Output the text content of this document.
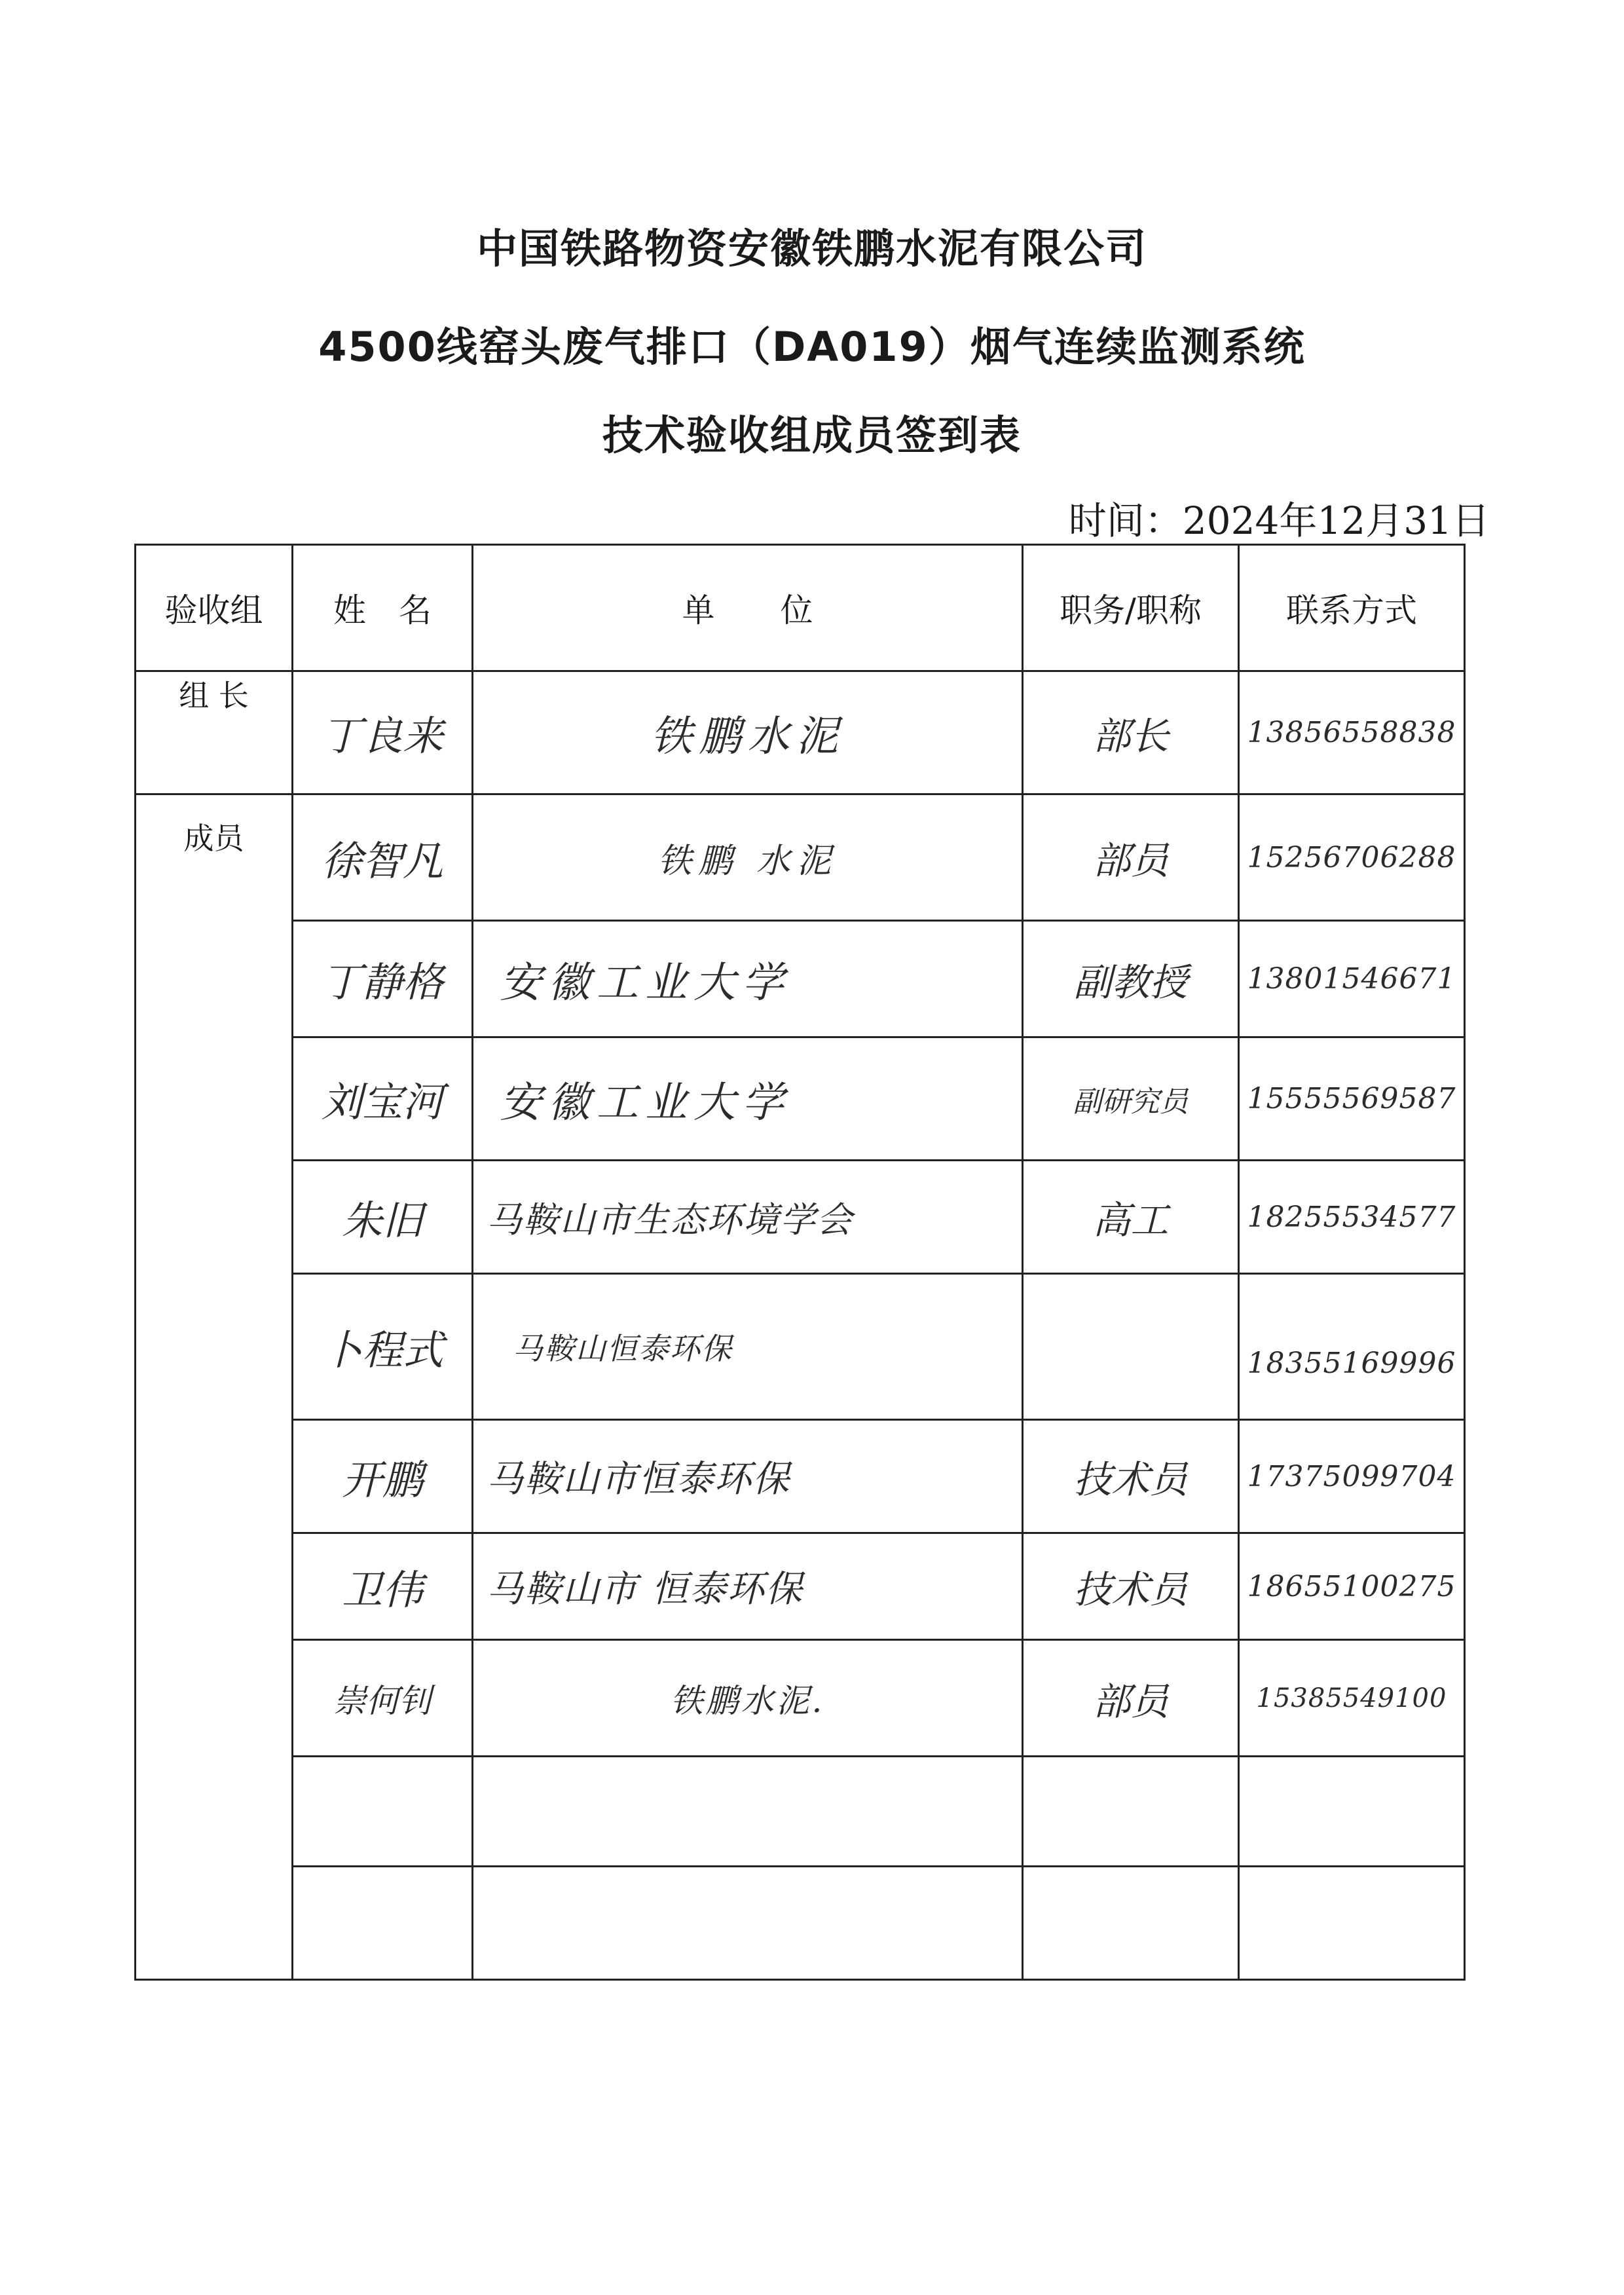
中国铁路物资安徽铁鹏水泥有限公司
4500线窑头废气排口（DA019）烟气连续监测系统
技术验收组成员签到表
时间：2024年12月31日
验收组	姓　名	单　　位	职务/职称	联系方式
组 长	丁良来	铁鹏水泥	部长	13856558838
成员	徐智凡	铁鹏 水泥	部员	15256706288
	丁静格	安徽工业大学	副教授	13801546671
	刘宝河	安徽工业大学	副研究员	15555569587
	朱旧	马鞍山市生态环境学会	高工	18255534577
	卜程式	马鞍山恒泰环保		18355169996
	开鹏	马鞍山市恒泰环保	技术员	17375099704
	卫伟	马鞍山市 恒泰环保	技术员	18655100275
	崇何钊	铁鹏水泥.	部员	15385549100
